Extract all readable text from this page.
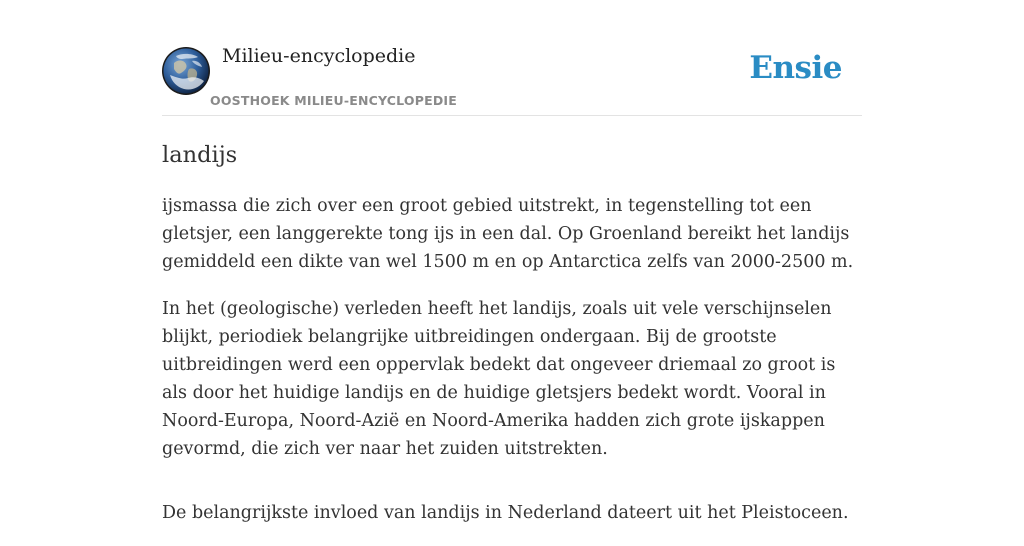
Milieu-encyclopedie
OOSTHOEK MILIEU-ENCYCLOPEDIE
Ensie
landijs

ijsmassa die zich over een groot gebied uitstrekt, in tegenstelling tot een gletsjer, een langgerekte tong ijs in een dal. Op Groenland bereikt het landijs gemiddeld een dikte van wel 1500 m en op Antarctica zelfs van 2000-2500 m.

In het (geologische) verleden heeft het landijs, zoals uit vele verschijnselen blijkt, periodiek belangrijke uitbreidingen ondergaan. Bij de grootste uitbreidingen werd een oppervlak bedekt dat ongeveer driemaal zo groot is als door het huidige landijs en de huidige gletsjers bedekt wordt. Vooral in Noord-Europa, Noord-Azië en Noord-Amerika hadden zich grote ijskappen gevormd, die zich ver naar het zuiden uitstrekten.

De belangrijkste invloed van landijs in Nederland dateert uit het Pleistoceen.
